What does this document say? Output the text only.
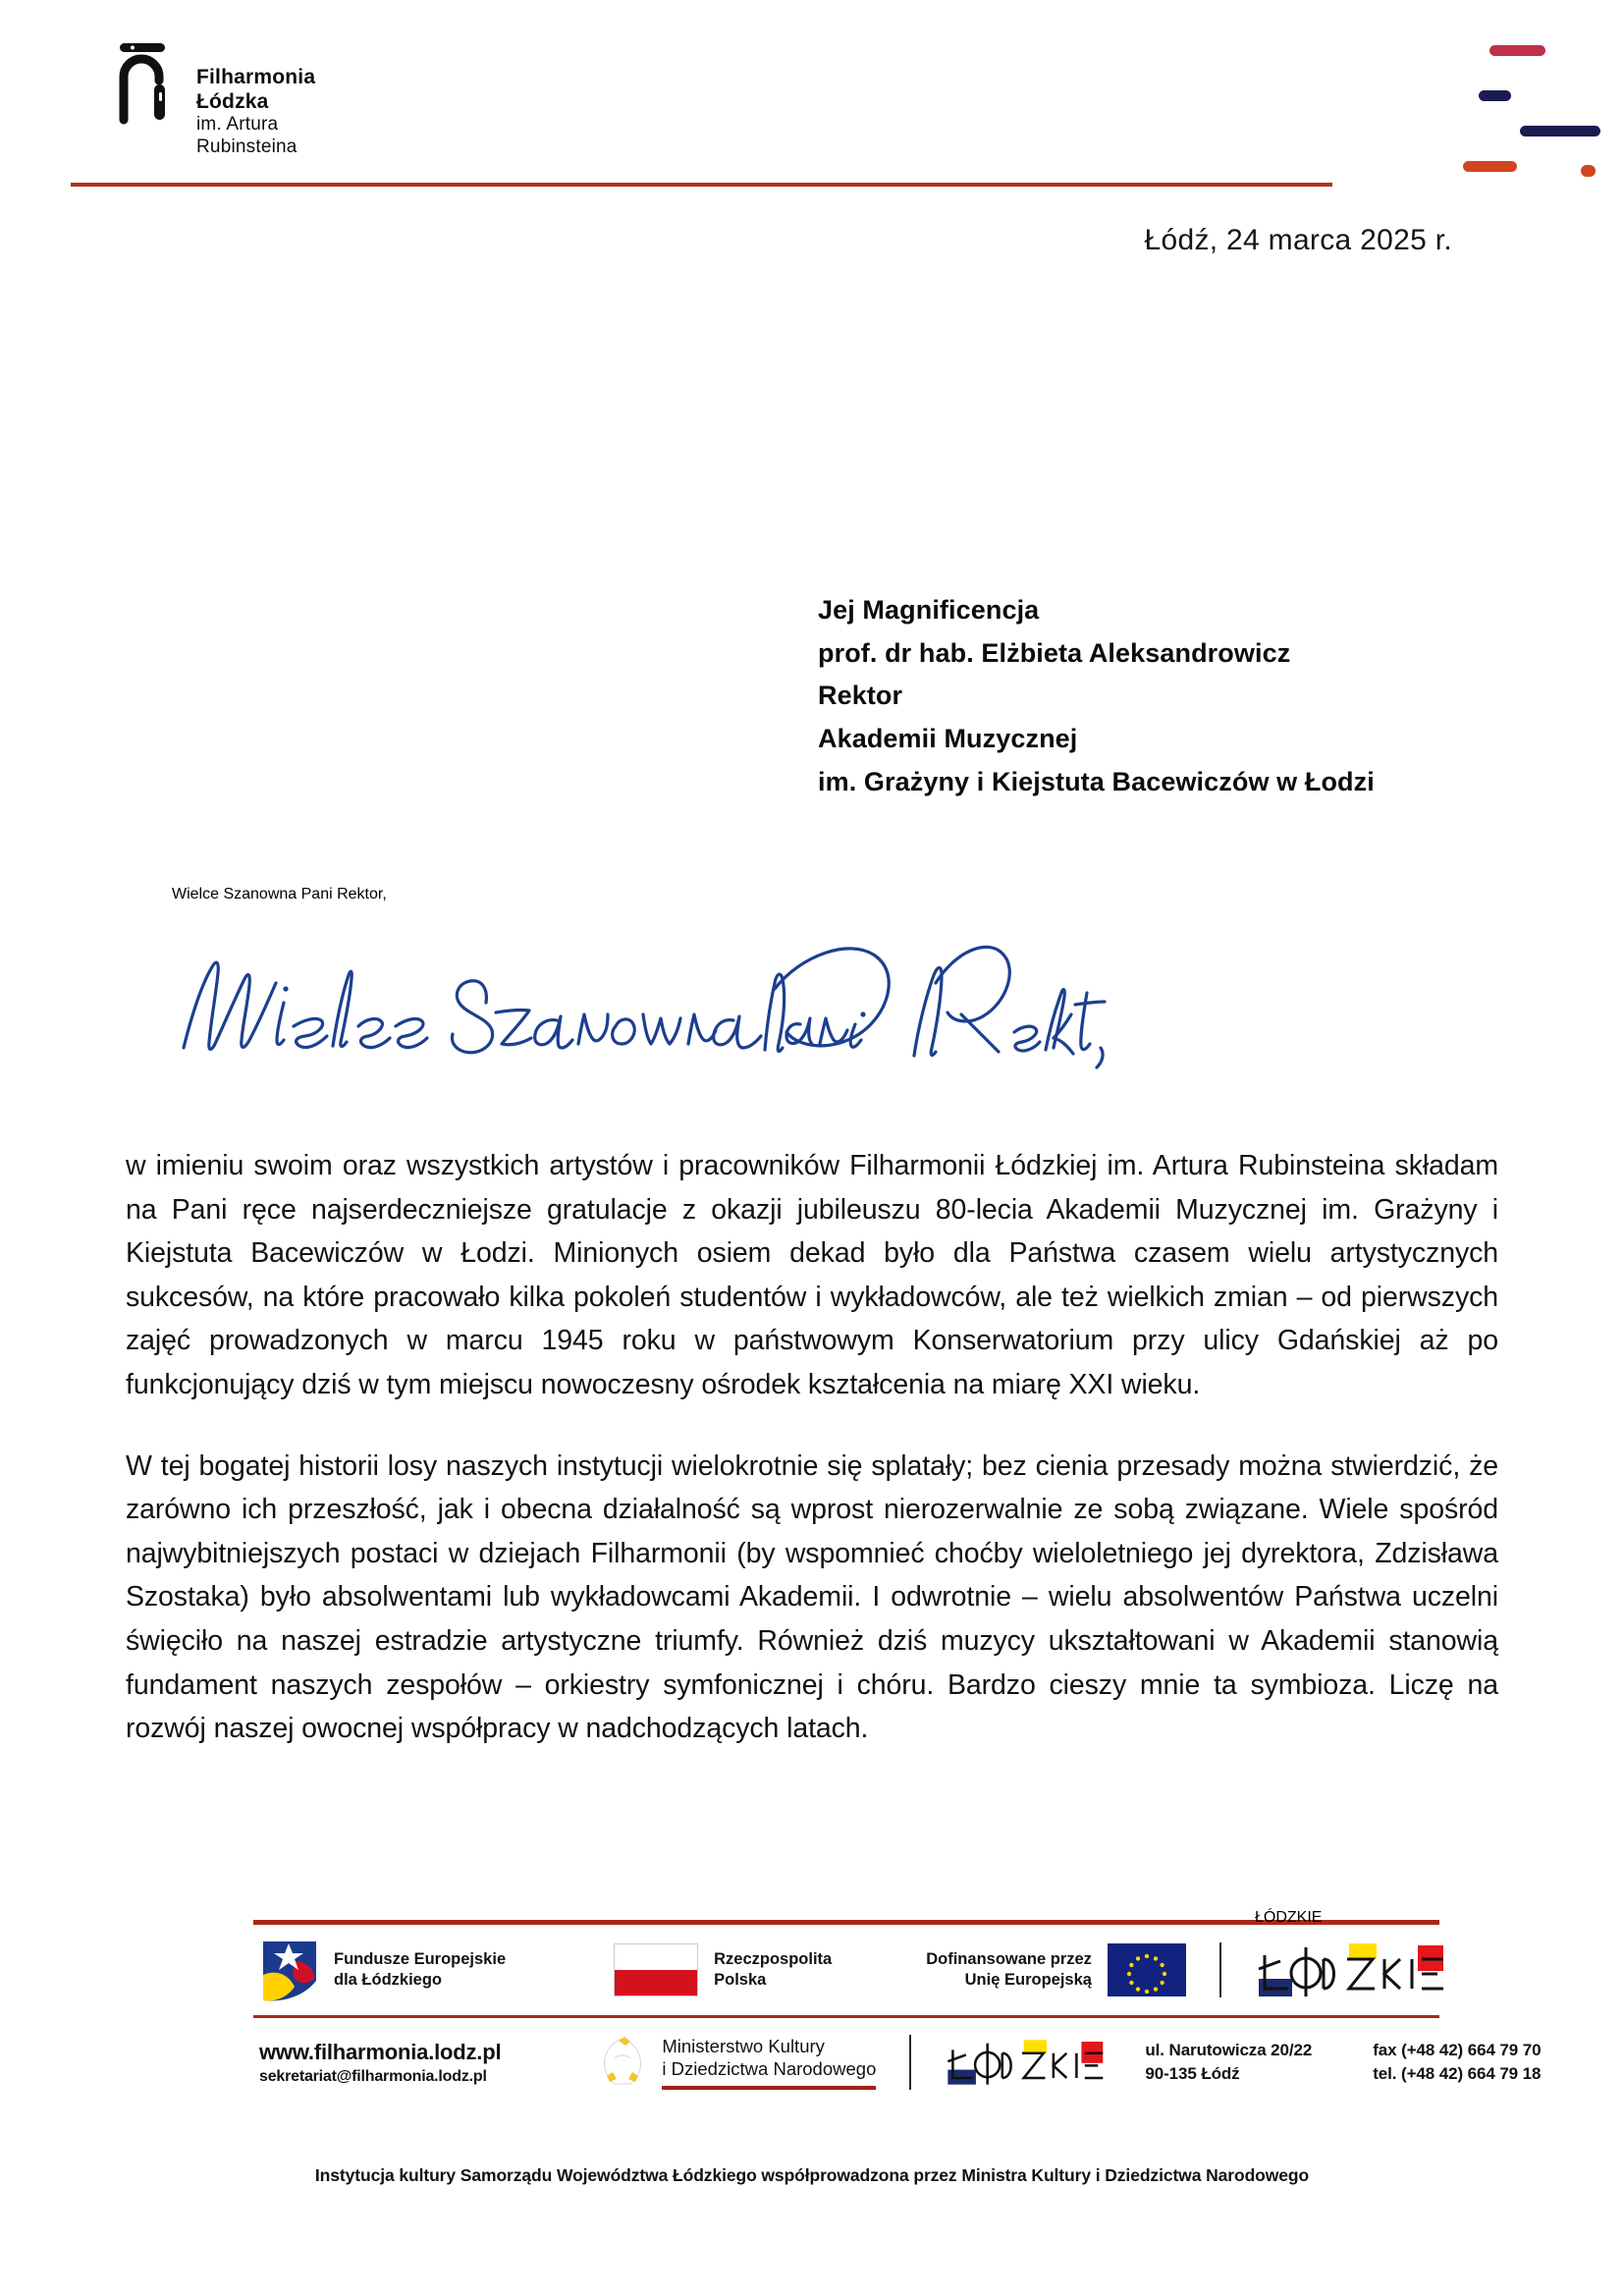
Filharmonia
Łódzka
im. Artura
Rubinsteina
Łódź, 24 marca 2025 r.
Jej Magnificencja
prof. dr hab. Elżbieta Aleksandrowicz
Rektor
Akademii Muzycznej
im. Grażyny i Kiejstuta Bacewiczów w Łodzi
Wielce Szanowna Pani Rektor,

w imieniu swoim oraz wszystkich artystów i pracowników Filharmonii Łódzkiej im. Artura Rubinsteina składam na Pani ręce najserdeczniejsze gratulacje z okazji jubileuszu 80-lecia Akademii Muzycznej im. Grażyny i Kiejstuta Bacewiczów w Łodzi. Minionych osiem dekad było dla Państwa czasem wielu artystycznych sukcesów, na które pracowało kilka pokoleń studentów i wykładowców, ale też wielkich zmian – od pierwszych zajęć prowadzonych w marcu 1945 roku w państwowym Konserwatorium przy ulicy Gdańskiej aż po funkcjonujący dziś w tym miejscu nowoczesny ośrodek kształcenia na miarę XXI wieku.

W tej bogatej historii losy naszych instytucji wielokrotnie się splatały; bez cienia przesady można stwierdzić, że zarówno ich przeszłość, jak i obecna działalność są wprost nierozerwalnie ze sobą związane. Wiele spośród najwybitniejszych postaci w dziejach Filharmonii (by wspomnieć choćby wieloletniego jej dyrektora, Zdzisława Szostaka) było absolwentami lub wykładowcami Akademii. I odwrotnie – wielu absolwentów Państwa uczelni święciło na naszej estradzie artystyczne triumfy. Również dziś muzycy ukształtowani w Akademii stanowią fundament naszych zespołów – orkiestry symfonicznej i chóru. Bardzo cieszy mnie ta symbioza. Liczę na rozwój naszej owocnej współpracy w nadchodzących latach.

Fundusze Europejskie
dla Łódzkiego
Rzeczpospolita
Polska
Dofinansowane przez
Unię Europejską
ŁÓDZKIE
www.filharmonia.lodz.pl
sekretariat@filharmonia.lodz.pl
Ministerstwo Kultury
i Dziedzictwa Narodowego
ul. Narutowicza 20/22
90-135 Łódź
fax (+48 42) 664 79 70
tel. (+48 42) 664 79 18
Instytucja kultury Samorządu Województwa Łódzkiego współprowadzona przez Ministra Kultury i Dziedzictwa Narodowego
